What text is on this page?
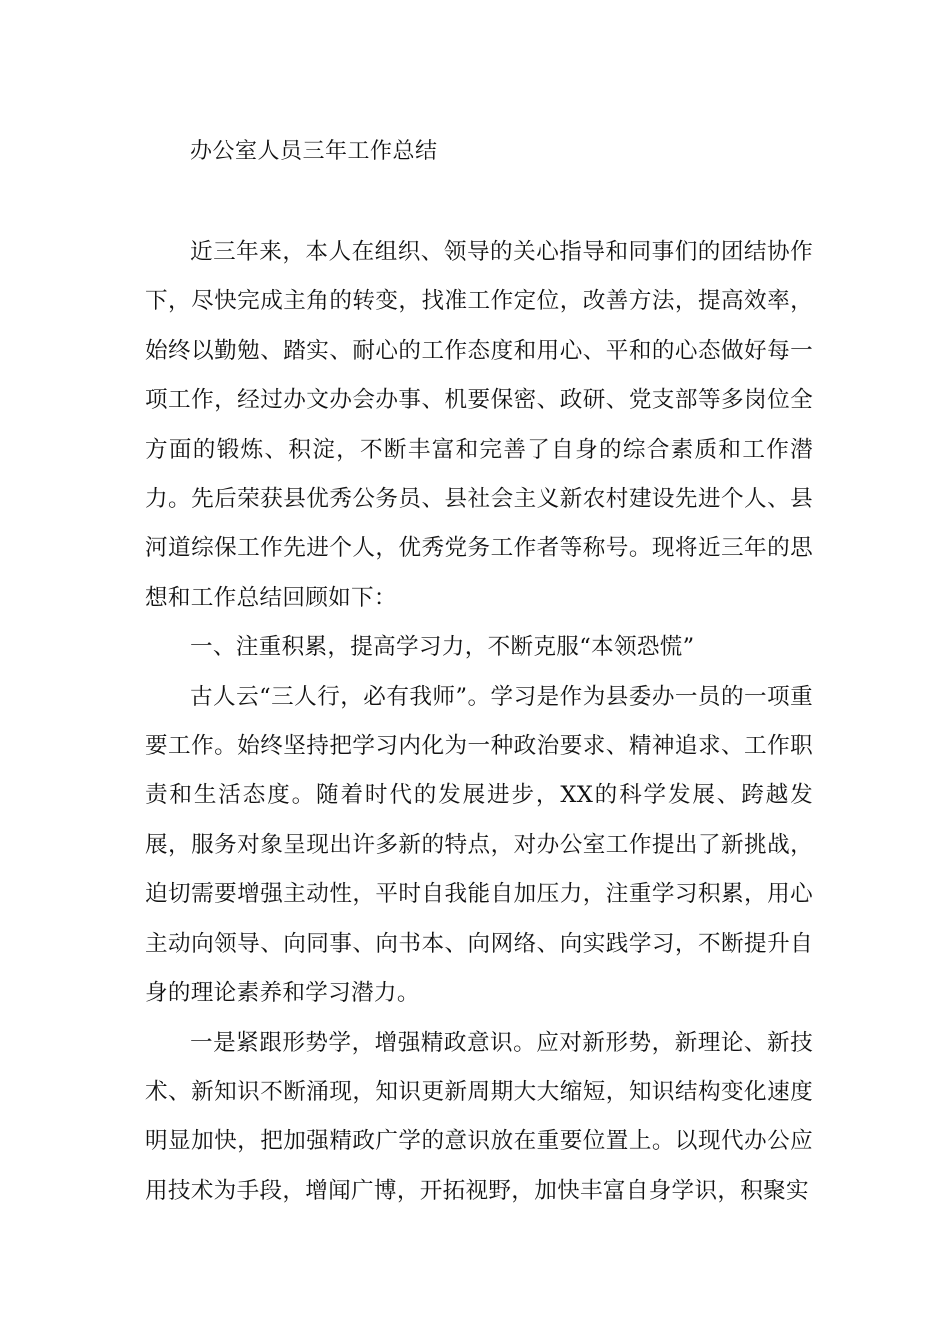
办公室人员三年工作总结

近三年来，本人在组织、领导的关心指导和同事们的团结协作下，尽快完成主角的转变，找准工作定位，改善方法，提高效率，始终以勤勉、踏实、耐心的工作态度和用心、平和的心态做好每一项工作，经过办文办会办事、机要保密、政研、党支部等多岗位全方面的锻炼、积淀，不断丰富和完善了自身的综合素质和工作潜力。先后荣获县优秀公务员、县社会主义新农村建设先进个人、县河道综保工作先进个人，优秀党务工作者等称号。现将近三年的思想和工作总结回顾如下：

一、注重积累，提高学习力，不断克服“本领恐慌”

古人云“三人行，必有我师”。学习是作为县委办一员的一项重要工作。始终坚持把学习内化为一种政治要求、精神追求、工作职责和生活态度。随着时代的发展进步，XX的科学发展、跨越发展，服务对象呈现出许多新的特点，对办公室工作提出了新挑战，迫切需要增强主动性，平时自我能自加压力，注重学习积累，用心主动向领导、向同事、向书本、向网络、向实践学习，不断提升自身的理论素养和学习潜力。

一是紧跟形势学，增强精政意识。应对新形势，新理论、新技术、新知识不断涌现，知识更新周期大大缩短，知识结构变化速度明显加快，把加强精政广学的意识放在重要位置上。以现代办公应用技术为手段，增闻广博，开拓视野，加快丰富自身学识，积聚实
